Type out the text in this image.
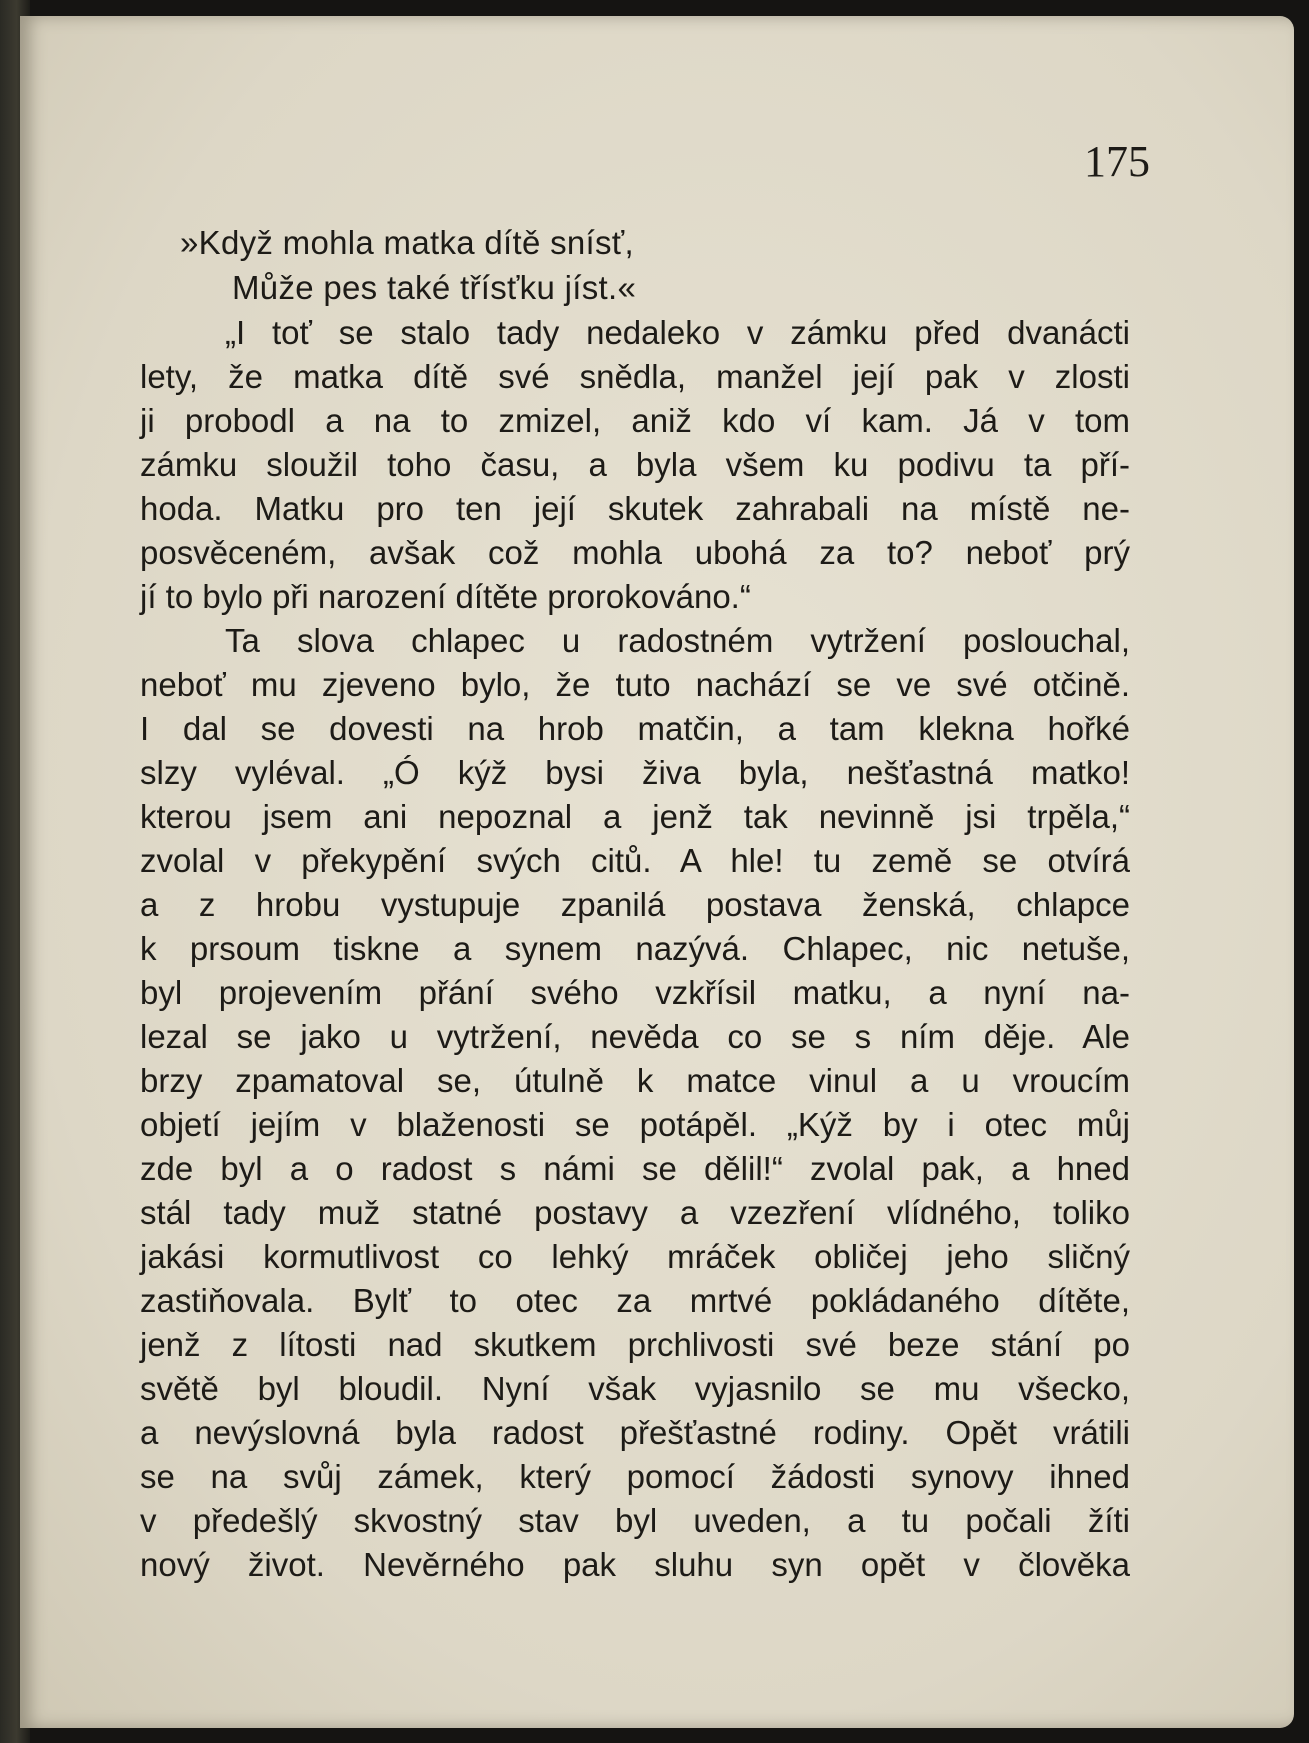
175
»Když mohla matka dítě snísť,
Může pes také třísťku jíst.«
„I toť se stalo tady nedaleko v zámku před dvanácti
lety, že matka dítě své snědla, manžel její pak v zlosti
ji probodl a na to zmizel, aniž kdo ví kam. Já v tom
zámku sloužil toho času, a byla všem ku podivu ta pří-
hoda. Matku pro ten její skutek zahrabali na místě ne-
posvěceném, avšak což mohla ubohá za to? neboť prý
jí to bylo při narození dítěte prorokováno.“
Ta slova chlapec u radostném vytržení poslouchal,
neboť mu zjeveno bylo, že tuto nachází se ve své otčině.
I dal se dovesti na hrob matčin, a tam klekna hořké
slzy vyléval. „Ó kýž bysi živa byla, nešťastná matko!
kterou jsem ani nepoznal a jenž tak nevinně jsi trpěla,“
zvolal v překypění svých citů. A hle! tu země se otvírá
a z hrobu vystupuje zpanilá postava ženská, chlapce
k prsoum tiskne a synem nazývá. Chlapec, nic netuše,
byl projevením přání svého vzkřísil matku, a nyní na-
lezal se jako u vytržení, nevěda co se s ním děje. Ale
brzy zpamatoval se, útulně k matce vinul a u vroucím
objetí jejím v blaženosti se potápěl. „Kýž by i otec můj
zde byl a o radost s námi se dělil!“ zvolal pak, a hned
stál tady muž statné postavy a vzezření vlídného, toliko
jakási kormutlivost co lehký mráček obličej jeho sličný
zastiňovala. Bylť to otec za mrtvé pokládaného dítěte,
jenž z lítosti nad skutkem prchlivosti své beze stání po
světě byl bloudil. Nyní však vyjasnilo se mu všecko,
a nevýslovná byla radost přešťastné rodiny. Opět vrátili
se na svůj zámek, který pomocí žádosti synovy ihned
v předešlý skvostný stav byl uveden, a tu počali žíti
nový život. Nevěrného pak sluhu syn opět v člověka
